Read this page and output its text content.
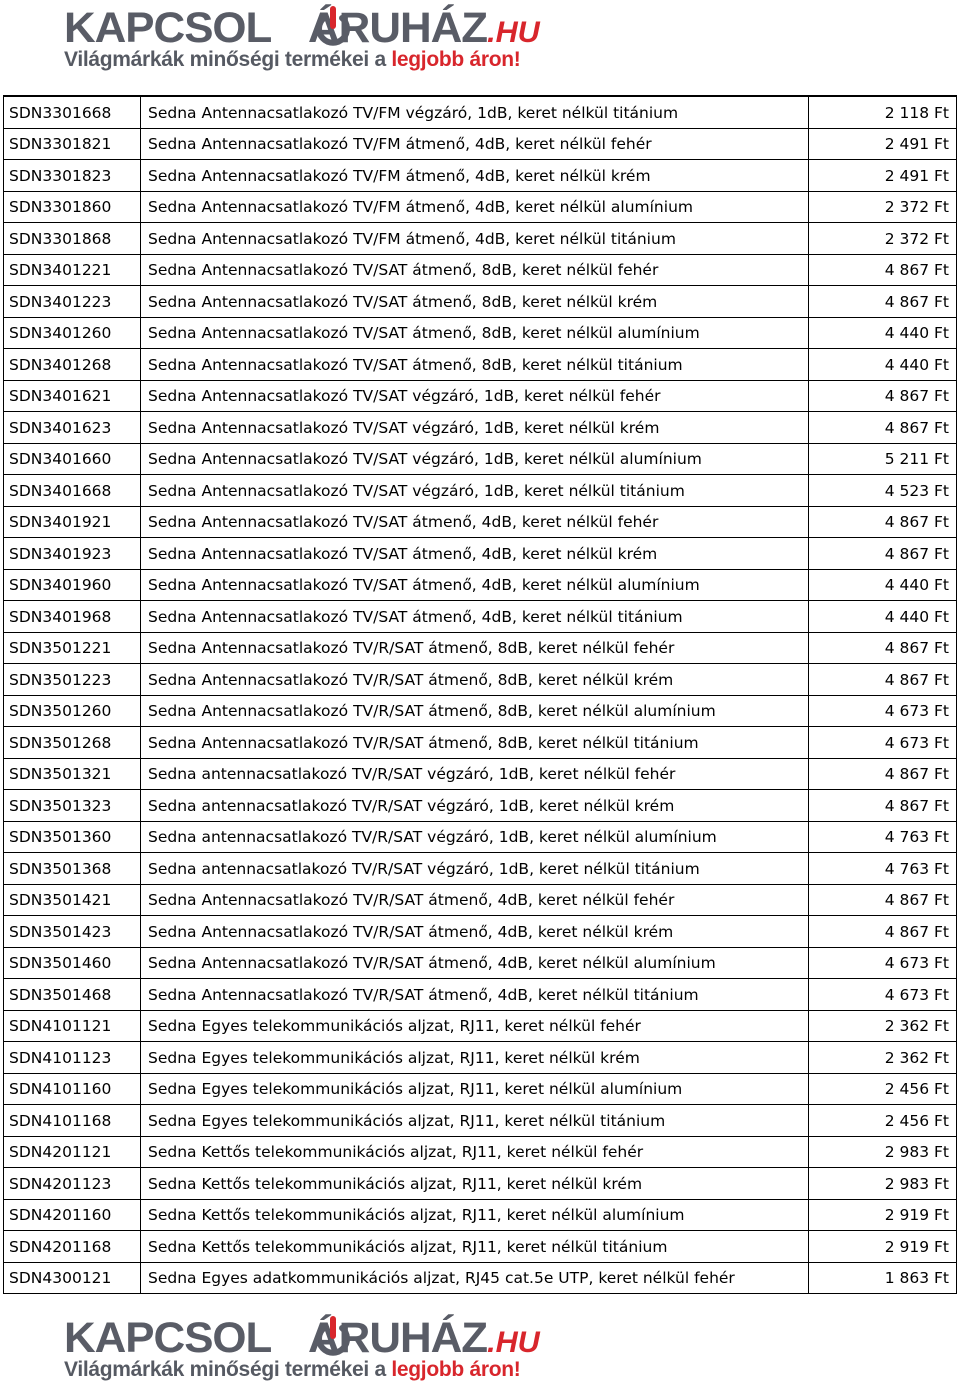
KAPCSOL ÁRUHÁZ.HU
Világmárkák minőségi termékei a legjobb áron!
SDN3301668	Sedna Antennacsatlakozó TV/FM végzáró, 1dB, keret nélkül titánium	2 118 Ft
SDN3301821	Sedna Antennacsatlakozó TV/FM átmenő, 4dB, keret nélkül fehér	2 491 Ft
SDN3301823	Sedna Antennacsatlakozó TV/FM átmenő, 4dB, keret nélkül krém	2 491 Ft
SDN3301860	Sedna Antennacsatlakozó TV/FM átmenő, 4dB, keret nélkül alumínium	2 372 Ft
SDN3301868	Sedna Antennacsatlakozó TV/FM átmenő, 4dB, keret nélkül titánium	2 372 Ft
SDN3401221	Sedna Antennacsatlakozó TV/SAT átmenő, 8dB, keret nélkül fehér	4 867 Ft
SDN3401223	Sedna Antennacsatlakozó TV/SAT átmenő, 8dB, keret nélkül krém	4 867 Ft
SDN3401260	Sedna Antennacsatlakozó TV/SAT átmenő, 8dB, keret nélkül alumínium	4 440 Ft
SDN3401268	Sedna Antennacsatlakozó TV/SAT átmenő, 8dB, keret nélkül titánium	4 440 Ft
SDN3401621	Sedna Antennacsatlakozó TV/SAT végzáró, 1dB, keret nélkül fehér	4 867 Ft
SDN3401623	Sedna Antennacsatlakozó TV/SAT végzáró, 1dB, keret nélkül krém	4 867 Ft
SDN3401660	Sedna Antennacsatlakozó TV/SAT végzáró, 1dB, keret nélkül alumínium	5 211 Ft
SDN3401668	Sedna Antennacsatlakozó TV/SAT végzáró, 1dB, keret nélkül titánium	4 523 Ft
SDN3401921	Sedna Antennacsatlakozó TV/SAT átmenő, 4dB, keret nélkül fehér	4 867 Ft
SDN3401923	Sedna Antennacsatlakozó TV/SAT átmenő, 4dB, keret nélkül krém	4 867 Ft
SDN3401960	Sedna Antennacsatlakozó TV/SAT átmenő, 4dB, keret nélkül alumínium	4 440 Ft
SDN3401968	Sedna Antennacsatlakozó TV/SAT átmenő, 4dB, keret nélkül titánium	4 440 Ft
SDN3501221	Sedna Antennacsatlakozó TV/R/SAT átmenő, 8dB, keret nélkül fehér	4 867 Ft
SDN3501223	Sedna Antennacsatlakozó TV/R/SAT átmenő, 8dB, keret nélkül krém	4 867 Ft
SDN3501260	Sedna Antennacsatlakozó TV/R/SAT átmenő, 8dB, keret nélkül alumínium	4 673 Ft
SDN3501268	Sedna Antennacsatlakozó TV/R/SAT átmenő, 8dB, keret nélkül titánium	4 673 Ft
SDN3501321	Sedna antennacsatlakozó TV/R/SAT végzáró, 1dB, keret nélkül fehér	4 867 Ft
SDN3501323	Sedna antennacsatlakozó TV/R/SAT végzáró, 1dB, keret nélkül krém	4 867 Ft
SDN3501360	Sedna antennacsatlakozó TV/R/SAT végzáró, 1dB, keret nélkül alumínium	4 763 Ft
SDN3501368	Sedna antennacsatlakozó TV/R/SAT végzáró, 1dB, keret nélkül titánium	4 763 Ft
SDN3501421	Sedna Antennacsatlakozó TV/R/SAT átmenő, 4dB, keret nélkül fehér	4 867 Ft
SDN3501423	Sedna Antennacsatlakozó TV/R/SAT átmenő, 4dB, keret nélkül krém	4 867 Ft
SDN3501460	Sedna Antennacsatlakozó TV/R/SAT átmenő, 4dB, keret nélkül alumínium	4 673 Ft
SDN3501468	Sedna Antennacsatlakozó TV/R/SAT átmenő, 4dB, keret nélkül titánium	4 673 Ft
SDN4101121	Sedna Egyes telekommunikációs aljzat, RJ11, keret nélkül fehér	2 362 Ft
SDN4101123	Sedna Egyes telekommunikációs aljzat, RJ11, keret nélkül krém	2 362 Ft
SDN4101160	Sedna Egyes telekommunikációs aljzat, RJ11, keret nélkül alumínium	2 456 Ft
SDN4101168	Sedna Egyes telekommunikációs aljzat, RJ11, keret nélkül titánium	2 456 Ft
SDN4201121	Sedna Kettős telekommunikációs aljzat, RJ11, keret nélkül fehér	2 983 Ft
SDN4201123	Sedna Kettős telekommunikációs aljzat, RJ11, keret nélkül krém	2 983 Ft
SDN4201160	Sedna Kettős telekommunikációs aljzat, RJ11, keret nélkül alumínium	2 919 Ft
SDN4201168	Sedna Kettős telekommunikációs aljzat, RJ11, keret nélkül titánium	2 919 Ft
SDN4300121	Sedna Egyes adatkommunikációs aljzat, RJ45 cat.5e UTP, keret nélkül fehér	1 863 Ft
KAPCSOL ÁRUHÁZ.HU
Világmárkák minőségi termékei a legjobb áron!
